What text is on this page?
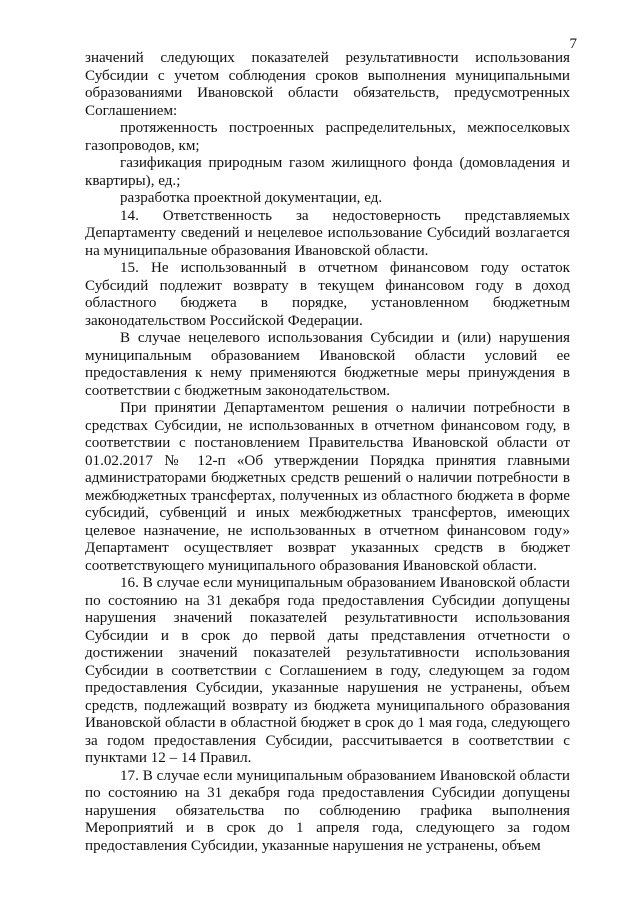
7

значений следующих показателей результативности использования Субсидии с учетом соблюдения сроков выполнения муниципальными образованиями Ивановской области обязательств, предусмотренных Соглашением:

протяженность построенных распределительных, межпоселковых газопроводов, км;

газификация природным газом жилищного фонда (домовладения и квартиры), ед.;

разработка проектной документации, ед.

14. Ответственность за недостоверность представляемых Департаменту сведений и нецелевое использование Субсидий возлагается на муниципальные образования Ивановской области.

15. Не использованный в отчетном финансовом году остаток Субсидий подлежит возврату в текущем финансовом году в доход областного бюджета в порядке, установленном бюджетным законодательством Российской Федерации.

В случае нецелевого использования Субсидии и (или) нарушения муниципальным образованием Ивановской области условий ее предоставления к нему применяются бюджетные меры принуждения в соответствии с бюджетным законодательством.

При принятии Департаментом решения о наличии потребности в средствах Субсидии, не использованных в отчетном финансовом году, в соответствии с постановлением Правительства Ивановской области от 01.02.2017 № 12-п «Об утверждении Порядка принятия главными администраторами бюджетных средств решений о наличии потребности в межбюджетных трансфертах, полученных из областного бюджета в форме субсидий, субвенций и иных межбюджетных трансфертов, имеющих целевое назначение, не использованных в отчетном финансовом году» Департамент осуществляет возврат указанных средств в бюджет соответствующего муниципального образования Ивановской области.

16. В случае если муниципальным образованием Ивановской области по состоянию на 31 декабря года предоставления Субсидии допущены нарушения значений показателей результативности использования Субсидии и в срок до первой даты представления отчетности о достижении значений показателей результативности использования Субсидии в соответствии с Соглашением в году, следующем за годом предоставления Субсидии, указанные нарушения не устранены, объем средств, подлежащий возврату из бюджета муниципального образования Ивановской области в областной бюджет в срок до 1 мая года, следующего за годом предоставления Субсидии, рассчитывается в соответствии с пунктами 12 – 14 Правил.

17. В случае если муниципальным образованием Ивановской области по состоянию на 31 декабря года предоставления Субсидии допущены нарушения обязательства по соблюдению графика выполнения Мероприятий и в срок до 1 апреля года, следующего за годом предоставления Субсидии, указанные нарушения не устранены, объем
